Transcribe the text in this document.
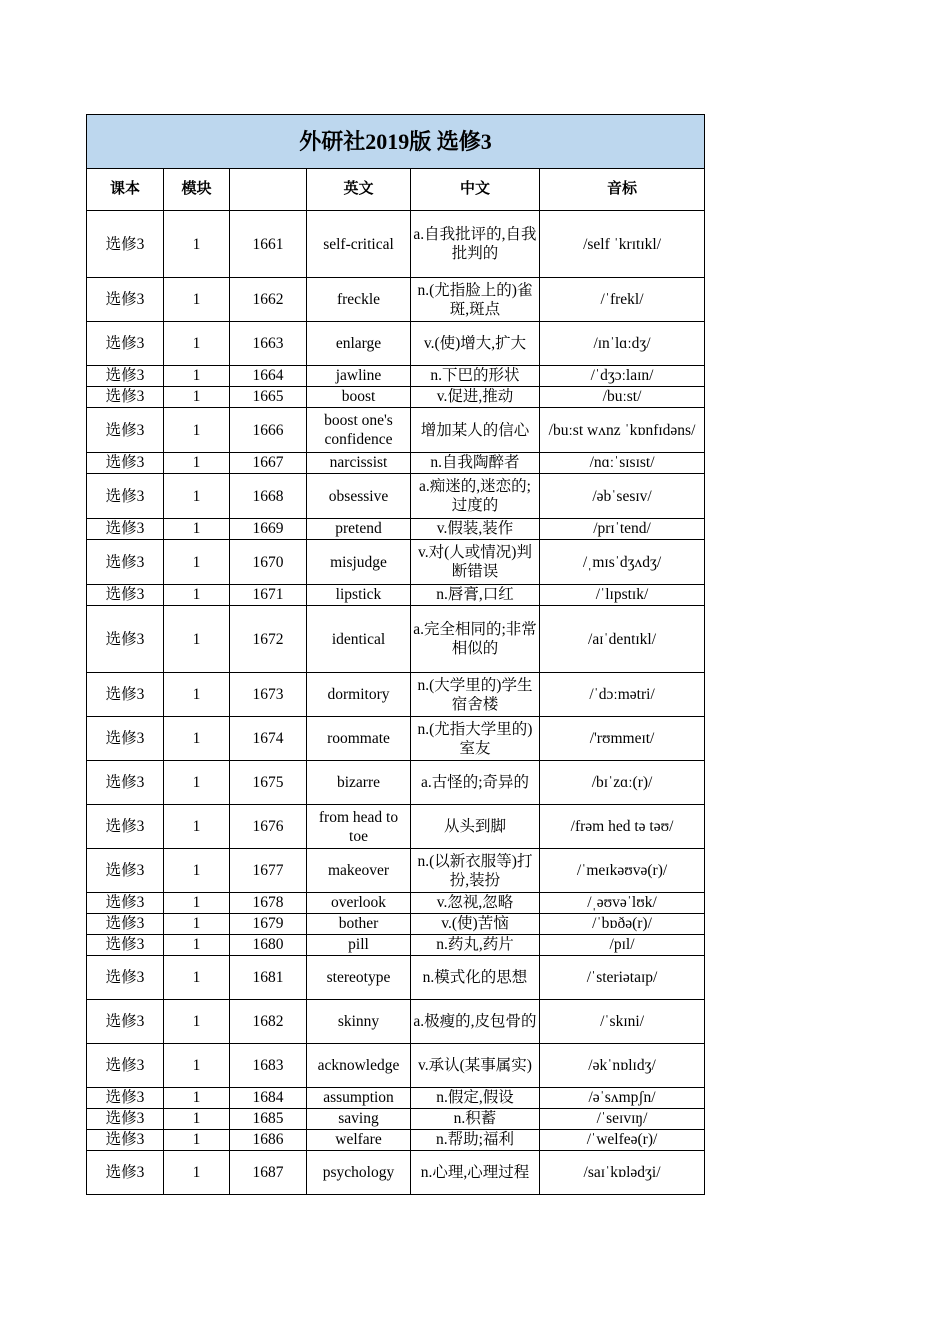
外研社2019版 选修3					
课本	模块		英文	中文	音标
选修3	1	1661	self-critical	a.自我批评的,自我批判的	/self ˈkrɪtɪkl/
选修3	1	1662	freckle	n.(尤指脸上的)雀斑,斑点	/ˈfrekl/
选修3	1	1663	enlarge	v.(使)增大,扩大	/ɪnˈlɑːdʒ/
选修3	1	1664	jawline	n.下巴的形状	/ˈdʒɔːlaɪn/
选修3	1	1665	boost	v.促进,推动	/buːst/
选修3	1	1666	boost one's confidence	增加某人的信心	/buːst wʌnz ˈkɒnfɪdəns/
选修3	1	1667	narcissist	n.自我陶醉者	/nɑːˈsɪsɪst/
选修3	1	1668	obsessive	a.痴迷的,迷恋的;过度的	/əbˈsesɪv/
选修3	1	1669	pretend	v.假装,装作	/prɪˈtend/
选修3	1	1670	misjudge	v.对(人或情况)判断错误	/ˌmɪsˈdʒʌdʒ/
选修3	1	1671	lipstick	n.唇膏,口红	/ˈlɪpstɪk/
选修3	1	1672	identical	a.完全相同的;非常相似的	/aɪˈdentɪkl/
选修3	1	1673	dormitory	n.(大学里的)学生宿舍楼	/ˈdɔːmətri/
选修3	1	1674	roommate	n.(尤指大学里的)室友	/'rʊmmeɪt/
选修3	1	1675	bizarre	a.古怪的;奇异的	/bɪˈzɑː(r)/
选修3	1	1676	from head to toe	从头到脚	/frəm hed tə təʊ/
选修3	1	1677	makeover	n.(以新衣服等)打扮,装扮	/ˈmeɪkəʊvə(r)/
选修3	1	1678	overlook	v.忽视,忽略	/ˌəʊvəˈlʊk/
选修3	1	1679	bother	v.(使)苦恼	/ˈbɒðə(r)/
选修3	1	1680	pill	n.药丸,药片	/pɪl/
选修3	1	1681	stereotype	n.模式化的思想	/ˈsteriətaɪp/
选修3	1	1682	skinny	a.极瘦的,皮包骨的	/ˈskɪni/
选修3	1	1683	acknowledge	v.承认(某事属实)	/əkˈnɒlɪdʒ/
选修3	1	1684	assumption	n.假定,假设	/əˈsʌmpʃn/
选修3	1	1685	saving	n.积蓄	/ˈseɪvɪŋ/
选修3	1	1686	welfare	n.帮助;福利	/ˈwelfeə(r)/
选修3	1	1687	psychology	n.心理,心理过程	/saɪˈkɒlədʒi/
